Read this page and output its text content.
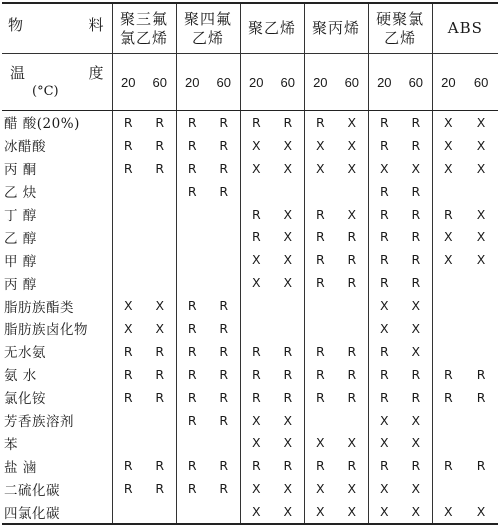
物 料	聚三氟氯乙烯		聚四氟乙烯		聚乙烯		聚丙烯		硬聚氯乙烯		ABS	

温 度
(°C)	20	60	20	60	20	60	20	60	20	60	20	60
醋 酸(20%)	R	R	R	R	R	R	R	X	R	R	X	X
冰醋酸	R	R	R	R	X	X	X	X	R	R	X	X
丙 酮	R	R	R	R	X	X	X	X	X	X	X	X
乙 炔			R	R					R	R		
丁 醇					R	X	R	X	R	R	R	X
乙 醇					R	X	R	R	R	R	X	X
甲 醇					X	X	R	R	R	R	X	X
丙 醇					X	X	R	R	R	R		
脂肪族酯类	X	X	R	R					X	X		
脂肪族卤化物	X	X	R	R					X	X		
无水氨	R	R	R	R	R	R	R	R	R	X		
氨 水	R	R	R	R	R	R	R	R	R	R	R	R
氯化铵	R	R	R	R	R	R	R	R	R	R	R	R
芳香族溶剂			R	R	X	X			X	X		
苯					X	X	X	X	X	X		
盐 滷	R	R	R	R	R	R	R	R	R	R	R	R
二硫化碳	R	R	R	R	X	X	X	X	X	X		
四氯化碳					X	X	X	X	X	X	X	X
